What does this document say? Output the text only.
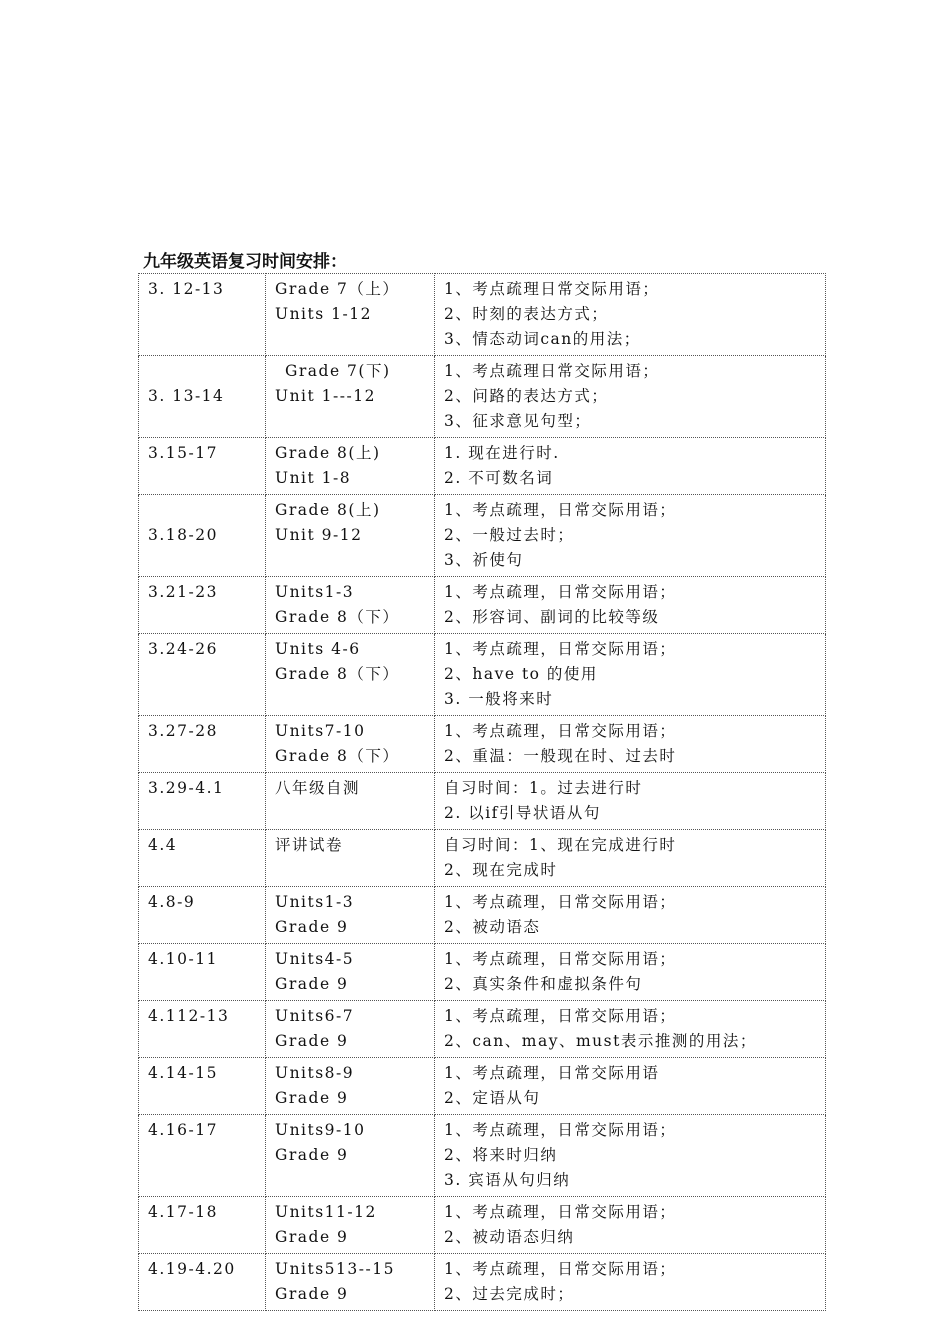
九年级英语复习时间安排：
3. 12-13	Grade 7（上）
Units 1-12	1、考点疏理日常交际用语；
2、时刻的表达方式；
3、情态动词can的用法；

3. 13-14	Grade 7(下)
Unit 1---12	1、考点疏理日常交际用语；
2、问路的表达方式；
3、征求意见句型；

3.15-17	Grade 8(上)
Unit 1-8	1. 现在进行时.
2. 不可数名词

3.18-20	Grade 8(上)
Unit 9-12	1、考点疏理，日常交际用语；
2、一般过去时；
3、祈使句

3.21-23	Units1-3
Grade 8（下）	1、考点疏理，日常交际用语；
2、形容词、副词的比较等级

3.24-26	Units 4-6
Grade 8（下）	1、考点疏理，日常交际用语；
2、have to 的使用
3. 一般将来时

3.27-28	Units7-10
Grade 8（下）	1、考点疏理，日常交际用语；
2、重温：一般现在时、过去时

3.29-4.1	八年级自测	自习时间：1。过去进行时
2. 以if引导状语从句

4.4	评讲试卷	自习时间：1、现在完成进行时
2、现在完成时

4.8-9	Units1-3
Grade 9	1、考点疏理，日常交际用语；
2、被动语态

4.10-11	Units4-5
Grade 9	1、考点疏理，日常交际用语；
2、真实条件和虚拟条件句

4.112-13	Units6-7
Grade 9	1、考点疏理，日常交际用语；
2、can、may、must表示推测的用法；

4.14-15	Units8-9
Grade 9	1、考点疏理，日常交际用语
2、定语从句

4.16-17	Units9-10
Grade 9	1、考点疏理，日常交际用语；
2、将来时归纳
3. 宾语从句归纳

4.17-18	Units11-12
Grade 9	1、考点疏理，日常交际用语；
2、被动语态归纳

4.19-4.20	Units513--15
Grade 9	1、考点疏理，日常交际用语；
2、过去完成时；
